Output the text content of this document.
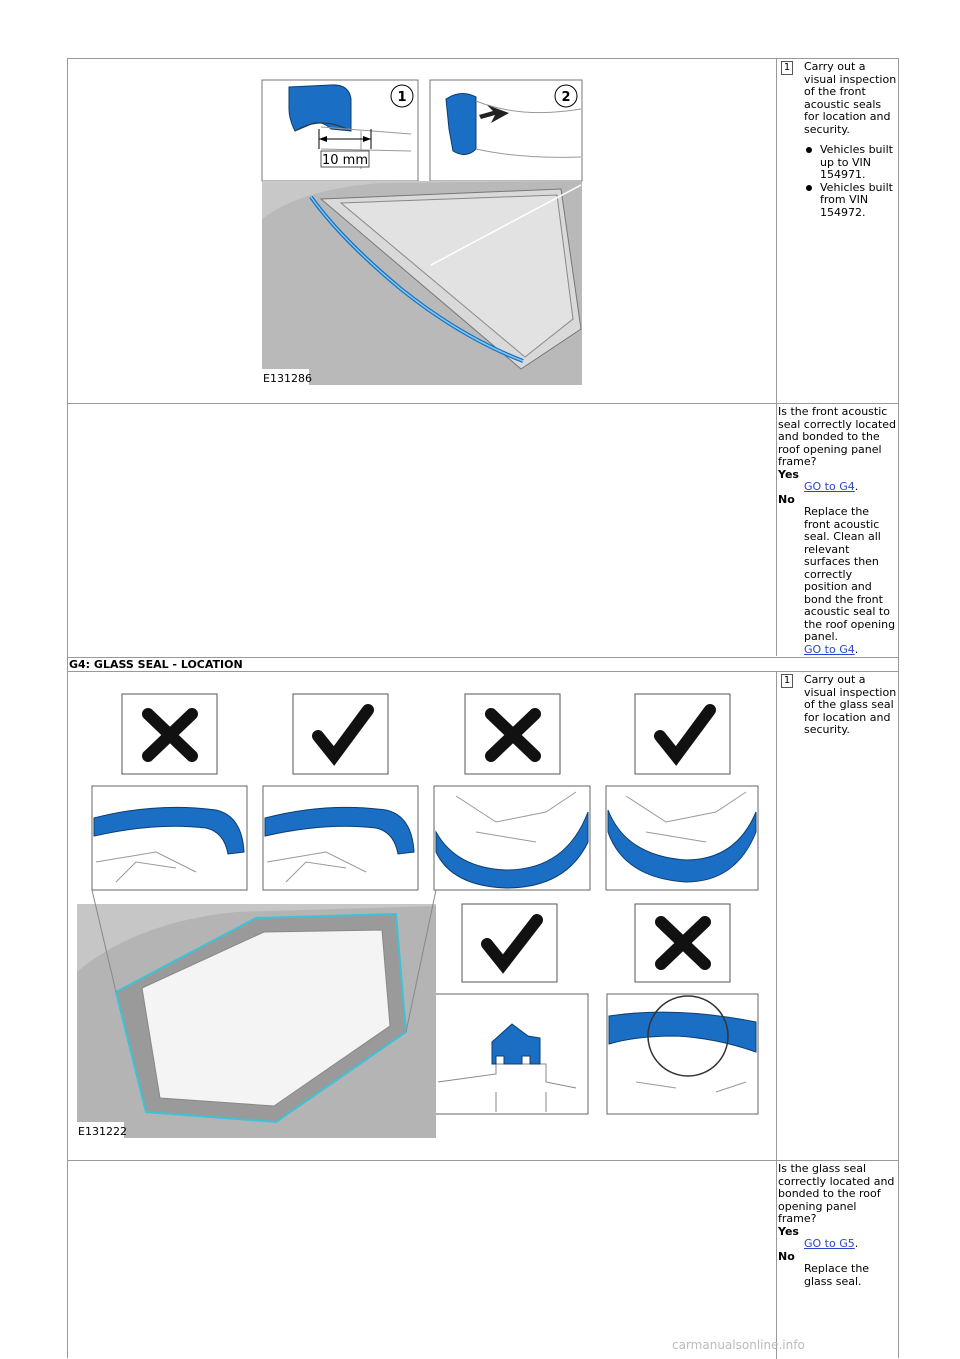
10 mm
1	2
E131286
1 Carry out a visual inspection of the front acoustic seals for location and security.
Vehicles built up to VIN 154971.
Vehicles built from VIN 154972.
Is the front acoustic seal correctly located and bonded to the roof opening panel frame?
Yes
GO to G4.
No
Replace the front acoustic seal. Clean all relevant surfaces then correctly position and bond the front acoustic seal to the roof opening panel.
GO to G4.
G4: GLASS SEAL - LOCATION
E131222
1 Carry out a visual inspection of the glass seal for location and security.
Is the glass seal correctly located and bonded to the roof opening panel frame?
Yes
GO to G5.
No
Replace the glass seal.
carmanualsonline.info
